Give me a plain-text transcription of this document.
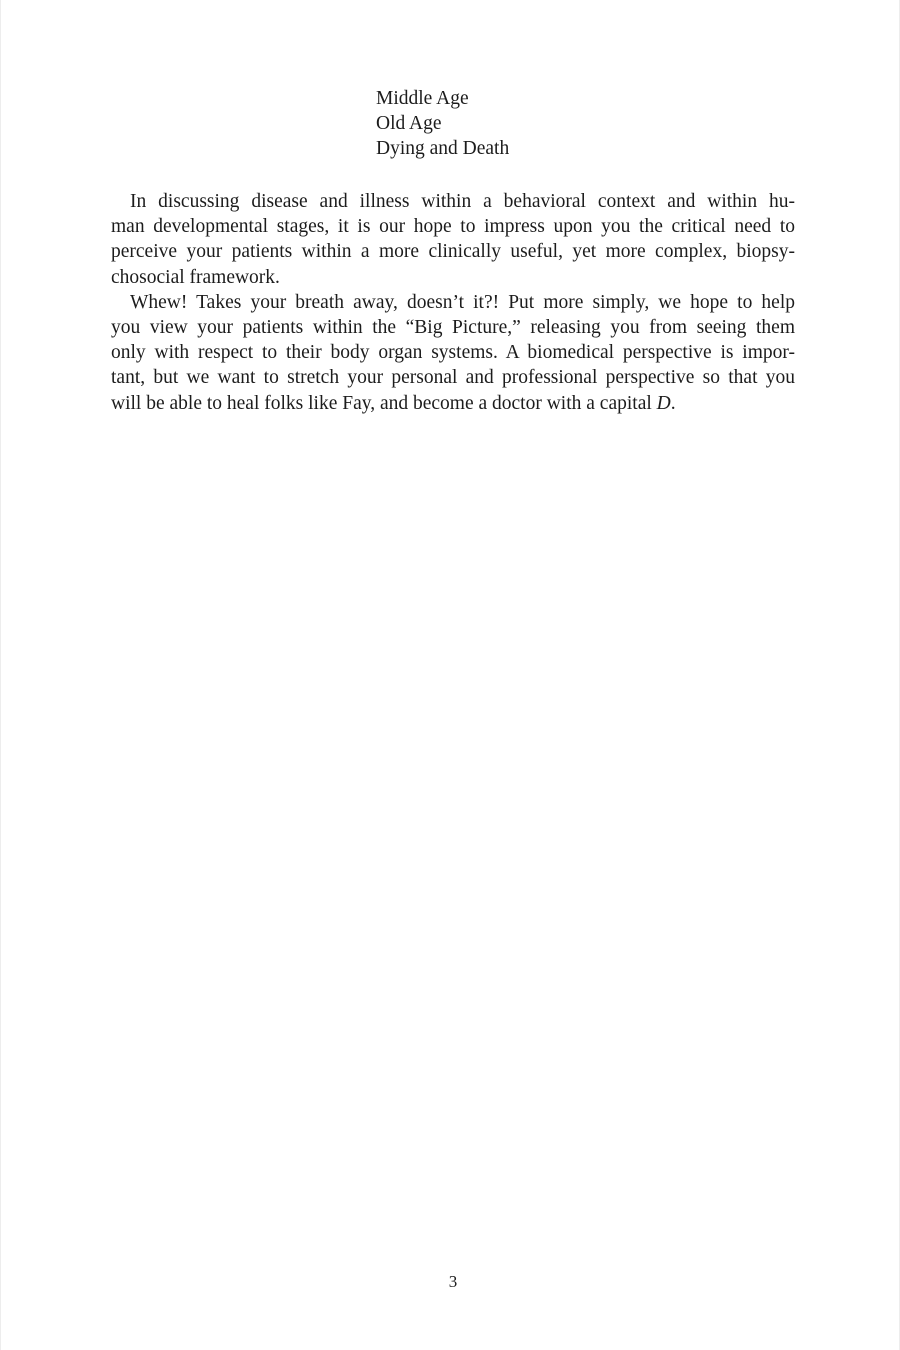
Middle Age
Old Age
Dying and Death
In discussing disease and illness within a behavioral context and within hu-
man developmental stages, it is our hope to impress upon you the critical need to
perceive your patients within a more clinically useful, yet more complex, biopsy-
chosocial framework.
Whew! Takes your breath away, doesn’t it?! Put more simply, we hope to help
you view your patients within the “Big Picture,” releasing you from seeing them
only with respect to their body organ systems. A biomedical perspective is impor-
tant, but we want to stretch your personal and professional perspective so that you
will be able to heal folks like Fay, and become a doctor with a capital D.
3
